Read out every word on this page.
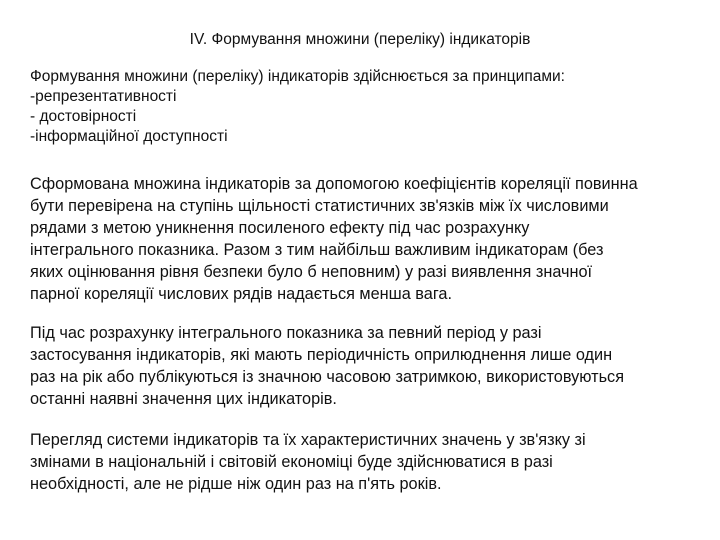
IV. Формування множини (переліку) індикаторів
Формування множини (переліку) індикаторів здійснюється за принципами:
-репрезентативності
- достовірності
-інформаційної доступності
Сформована множина індикаторів за допомогою коефіцієнтів кореляції повинна
бути перевірена на ступінь щільності статистичних зв'язків між їх числовими
рядами з метою уникнення посиленого ефекту під час розрахунку
інтегрального показника. Разом з тим найбільш важливим індикаторам (без
яких оцінювання рівня безпеки було б неповним) у разі виявлення значної
парної кореляції числових рядів надається менша вага.
Під час розрахунку інтегрального показника за певний період у разі
застосування індикаторів, які мають періодичність оприлюднення лише один
раз на рік або публікуються із значною часовою затримкою, використовуються
останні наявні значення цих індикаторів.
Перегляд системи індикаторів та їх характеристичних значень у зв'язку зі
змінами в національній і світовій економіці буде здійснюватися в разі
необхідності, але не рідше ніж один раз на п'ять років.
